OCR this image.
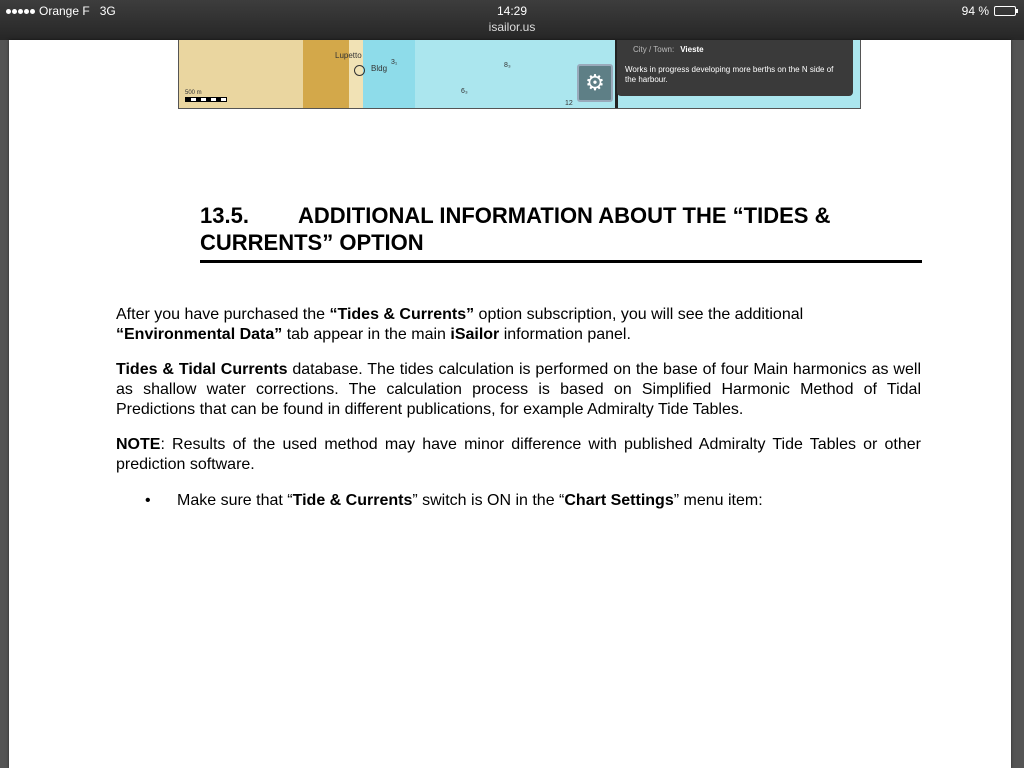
Orange F 3G	14:29
isailor.us
94 %
Lupetto
Bldg
3₁	8₃
6₃
12
500 m	⚙
City / Town: Vieste
Works in progress developing more berths on the N side of the harbour.
13.5. ADDITIONAL INFORMATION ABOUT THE “TIDES & CURRENTS” OPTION

After you have purchased the “Tides & Currents” option subscription, you will see the additional “Environmental Data” tab appear in the main iSailor information panel.

Tides & Tidal Currents database. The tides calculation is performed on the base of four Main harmonics as well as shallow water corrections. The calculation process is based on Simplified Harmonic Method of Tidal Predictions that can be found in different publications, for example Admiralty Tide Tables.

NOTE: Results of the used method may have minor difference with published Admiralty Tide Tables or other prediction software.

• Make sure that “Tide & Currents” switch is ON in the “Chart Settings” menu item:
